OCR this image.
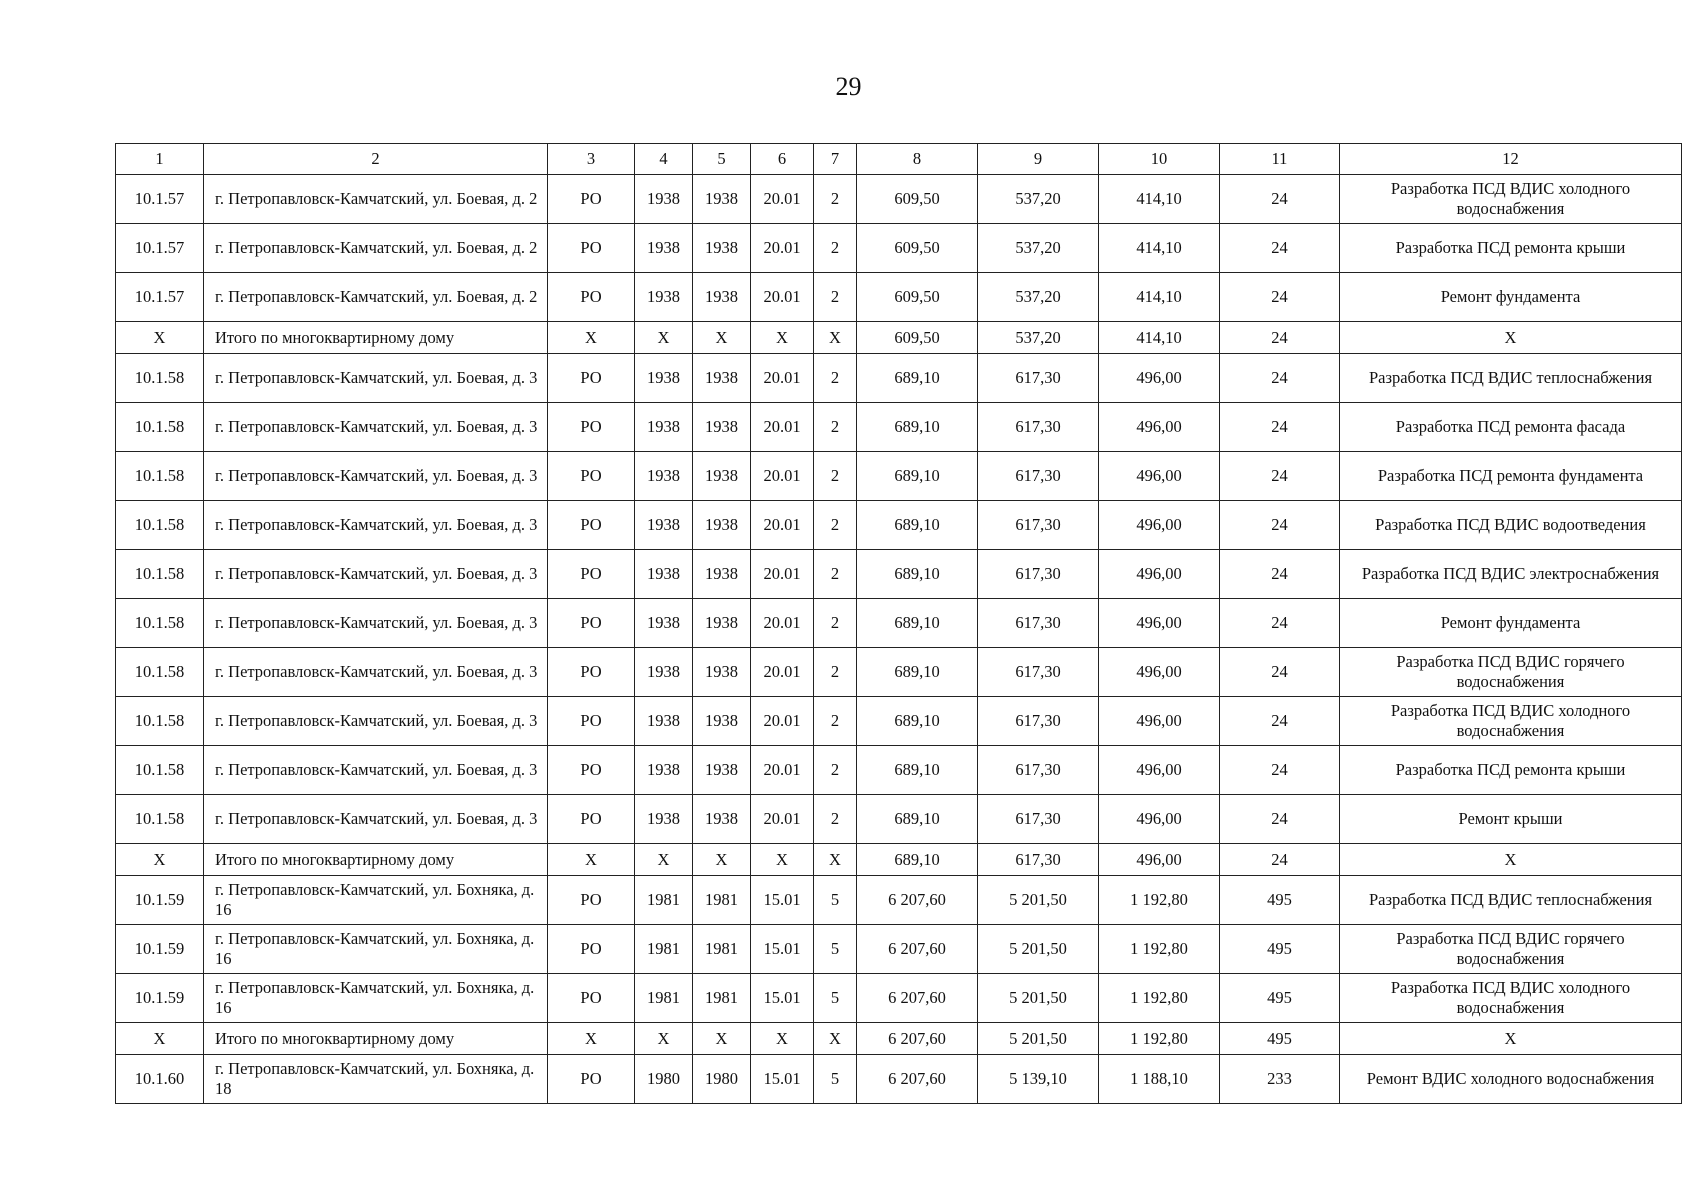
29
1	2	3	4	5	6	7	8	9	10	11	12
10.1.57	г. Петропавловск-Камчатский, ул. Боевая, д. 2	РО	1938	1938	20.01	2	609,50	537,20	414,10	24	Разработка ПСД ВДИС холодного водоснабжения
10.1.57	г. Петропавловск-Камчатский, ул. Боевая, д. 2	РО	1938	1938	20.01	2	609,50	537,20	414,10	24	Разработка ПСД ремонта крыши
10.1.57	г. Петропавловск-Камчатский, ул. Боевая, д. 2	РО	1938	1938	20.01	2	609,50	537,20	414,10	24	Ремонт фундамента
X	Итого по многоквартирному дому	X	X	X	X	X	609,50	537,20	414,10	24	X
10.1.58	г. Петропавловск-Камчатский, ул. Боевая, д. 3	РО	1938	1938	20.01	2	689,10	617,30	496,00	24	Разработка ПСД ВДИС теплоснабжения
10.1.58	г. Петропавловск-Камчатский, ул. Боевая, д. 3	РО	1938	1938	20.01	2	689,10	617,30	496,00	24	Разработка ПСД ремонта фасада
10.1.58	г. Петропавловск-Камчатский, ул. Боевая, д. 3	РО	1938	1938	20.01	2	689,10	617,30	496,00	24	Разработка ПСД ремонта фундамента
10.1.58	г. Петропавловск-Камчатский, ул. Боевая, д. 3	РО	1938	1938	20.01	2	689,10	617,30	496,00	24	Разработка ПСД ВДИС водоотведения
10.1.58	г. Петропавловск-Камчатский, ул. Боевая, д. 3	РО	1938	1938	20.01	2	689,10	617,30	496,00	24	Разработка ПСД ВДИС электроснабжения
10.1.58	г. Петропавловск-Камчатский, ул. Боевая, д. 3	РО	1938	1938	20.01	2	689,10	617,30	496,00	24	Ремонт фундамента
10.1.58	г. Петропавловск-Камчатский, ул. Боевая, д. 3	РО	1938	1938	20.01	2	689,10	617,30	496,00	24	Разработка ПСД ВДИС горячего водоснабжения
10.1.58	г. Петропавловск-Камчатский, ул. Боевая, д. 3	РО	1938	1938	20.01	2	689,10	617,30	496,00	24	Разработка ПСД ВДИС холодного водоснабжения
10.1.58	г. Петропавловск-Камчатский, ул. Боевая, д. 3	РО	1938	1938	20.01	2	689,10	617,30	496,00	24	Разработка ПСД ремонта крыши
10.1.58	г. Петропавловск-Камчатский, ул. Боевая, д. 3	РО	1938	1938	20.01	2	689,10	617,30	496,00	24	Ремонт крыши
X	Итого по многоквартирному дому	X	X	X	X	X	689,10	617,30	496,00	24	X
10.1.59	г. Петропавловск-Камчатский, ул. Бохняка, д. 16	РО	1981	1981	15.01	5	6 207,60	5 201,50	1 192,80	495	Разработка ПСД ВДИС теплоснабжения
10.1.59	г. Петропавловск-Камчатский, ул. Бохняка, д. 16	РО	1981	1981	15.01	5	6 207,60	5 201,50	1 192,80	495	Разработка ПСД ВДИС горячего водоснабжения
10.1.59	г. Петропавловск-Камчатский, ул. Бохняка, д. 16	РО	1981	1981	15.01	5	6 207,60	5 201,50	1 192,80	495	Разработка ПСД ВДИС холодного водоснабжения
X	Итого по многоквартирному дому	X	X	X	X	X	6 207,60	5 201,50	1 192,80	495	X
10.1.60	г. Петропавловск-Камчатский, ул. Бохняка, д. 18	РО	1980	1980	15.01	5	6 207,60	5 139,10	1 188,10	233	Ремонт ВДИС холодного водоснабжения
